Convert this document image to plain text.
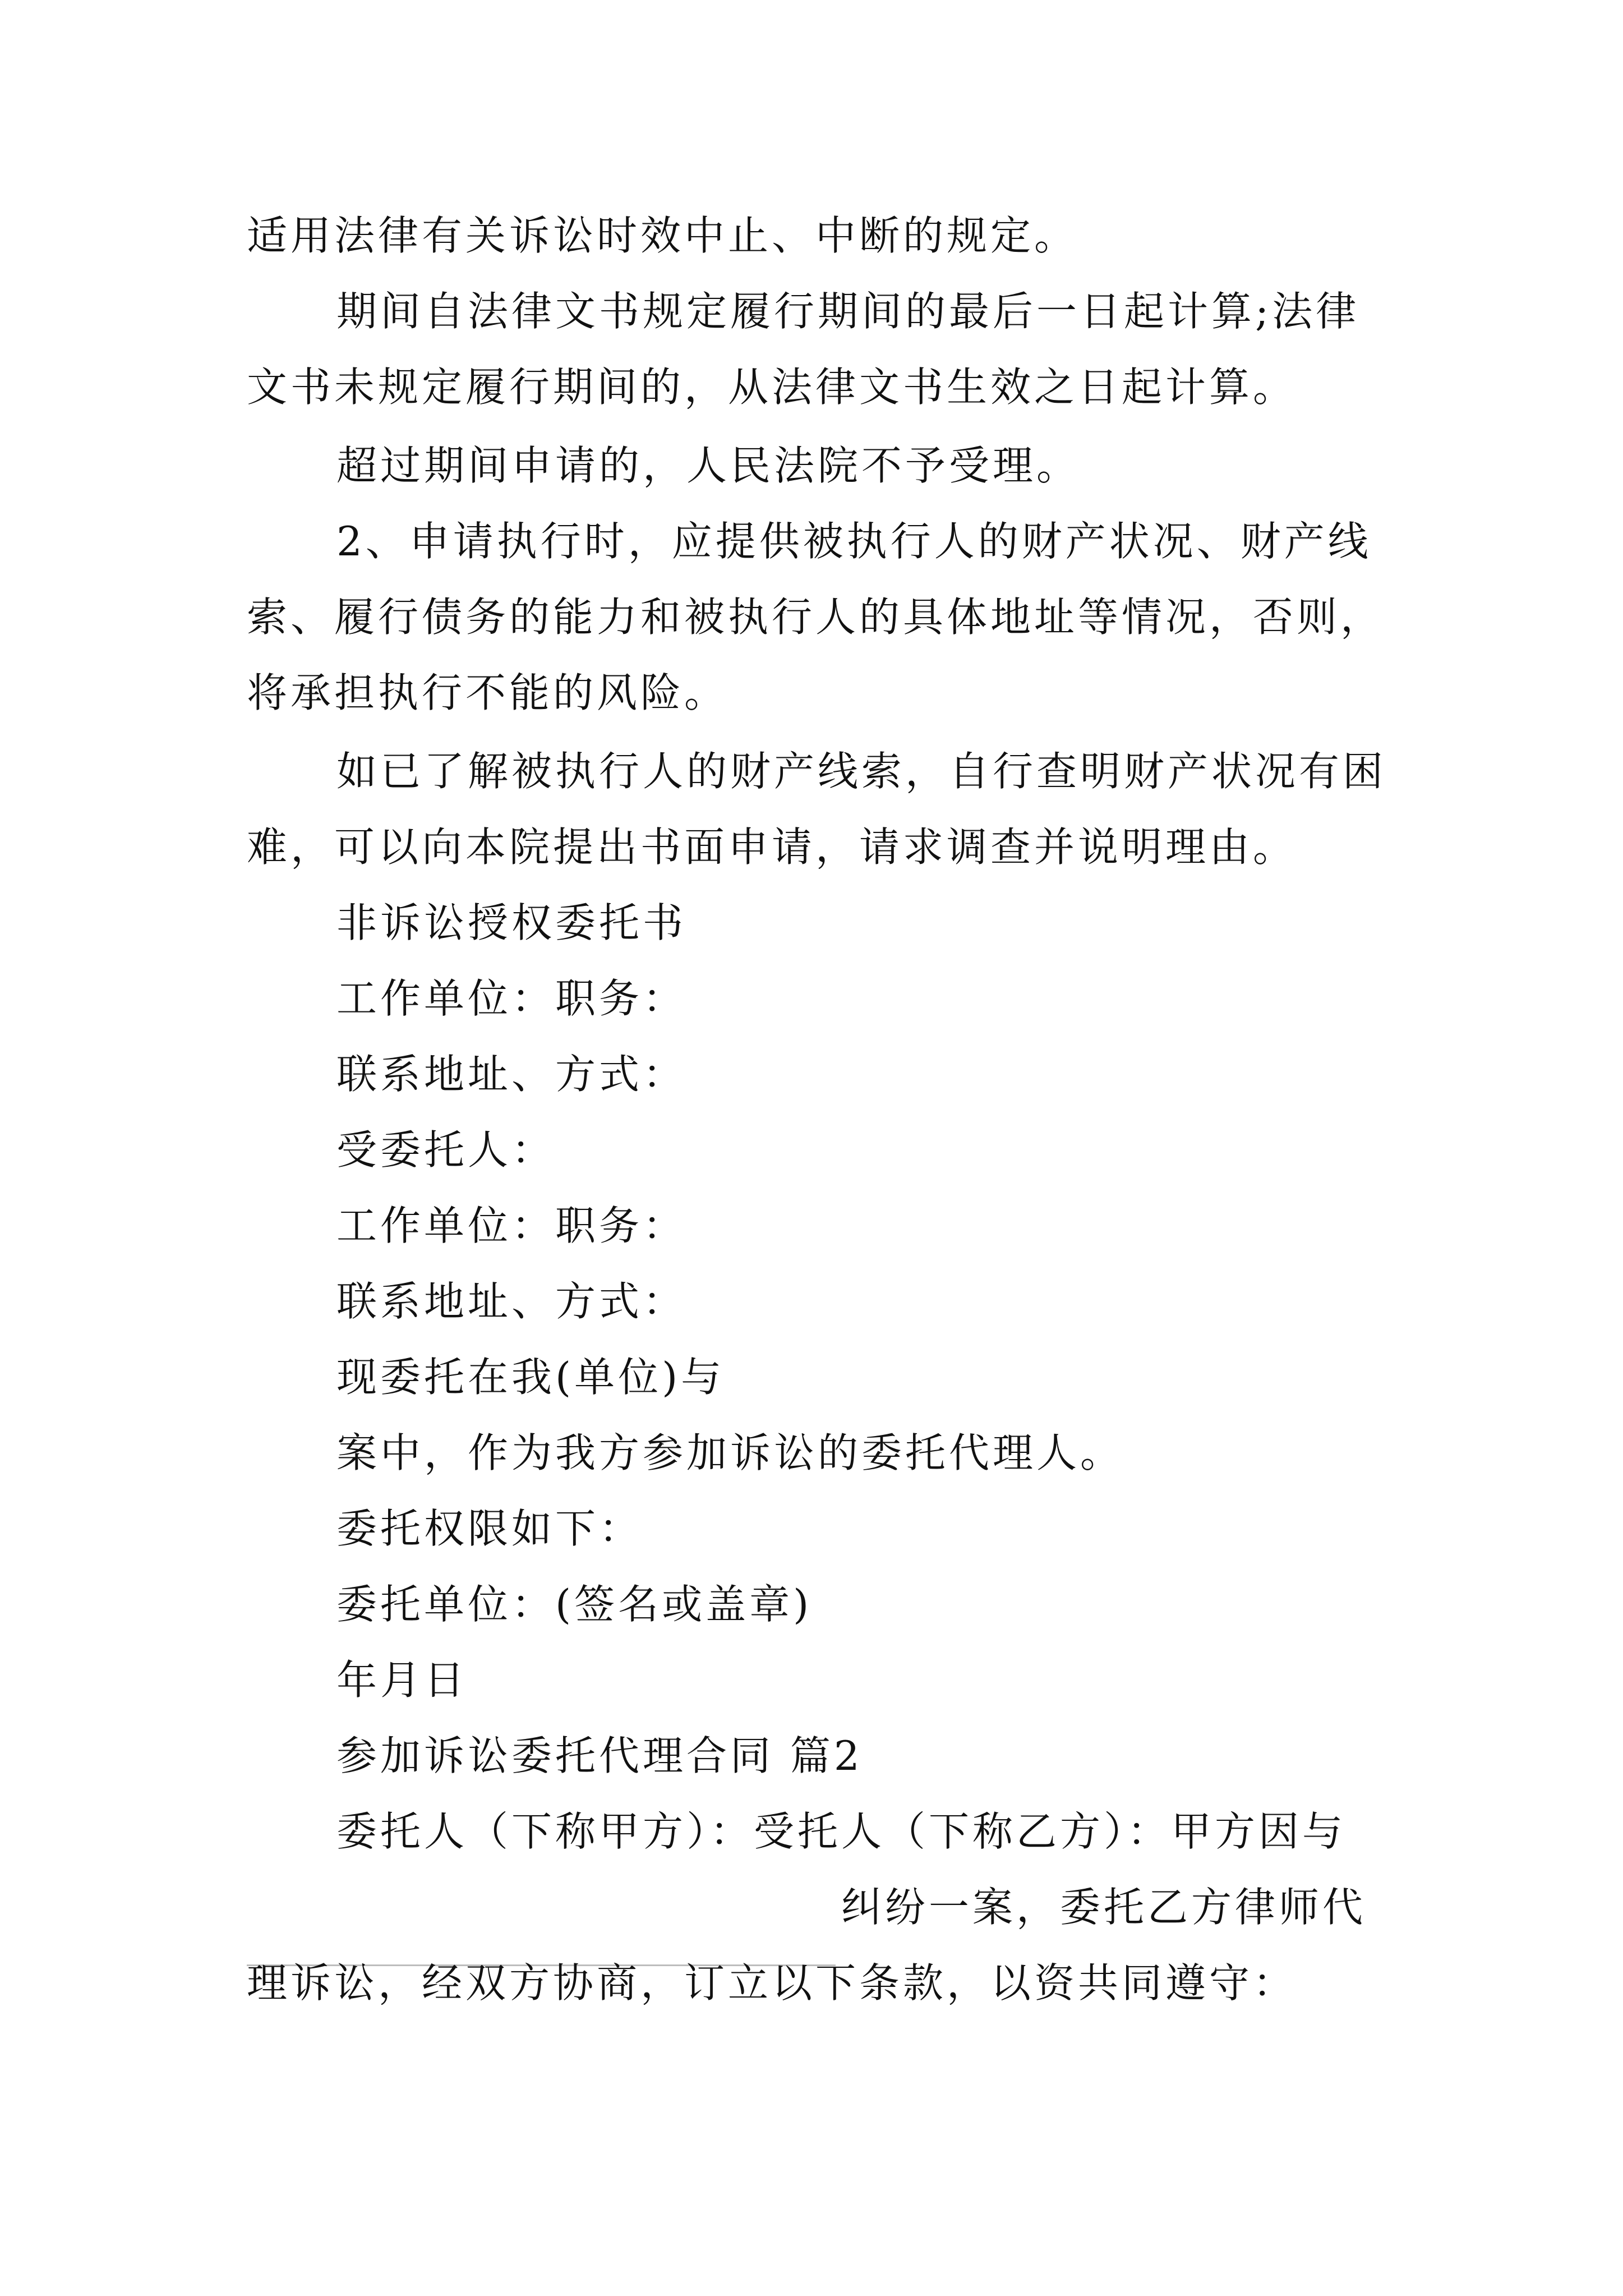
适用法律有关诉讼时效中止、中断的规定。
期间自法律文书规定履行期间的最后一日起计算;法律
文书未规定履行期间的，从法律文书生效之日起计算。
超过期间申请的，人民法院不予受理。
2、申请执行时，应提供被执行人的财产状况、财产线
索、履行债务的能力和被执行人的具体地址等情况，否则，
将承担执行不能的风险。
如已了解被执行人的财产线索，自行查明财产状况有困
难，可以向本院提出书面申请，请求调查并说明理由。
非诉讼授权委托书
工作单位：职务：
联系地址、方式：
受委托人：
工作单位：职务：
联系地址、方式：
现委托在我(单位)与
案中，作为我方参加诉讼的委托代理人。
委托权限如下：
委托单位：(签名或盖章)
年月日
参加诉讼委托代理合同 篇2
委托人（下称甲方）：受托人（下称乙方）：甲方因与
纠纷一案，委托乙方律师代
理诉讼，经双方协商，订立以下条款，以资共同遵守：
